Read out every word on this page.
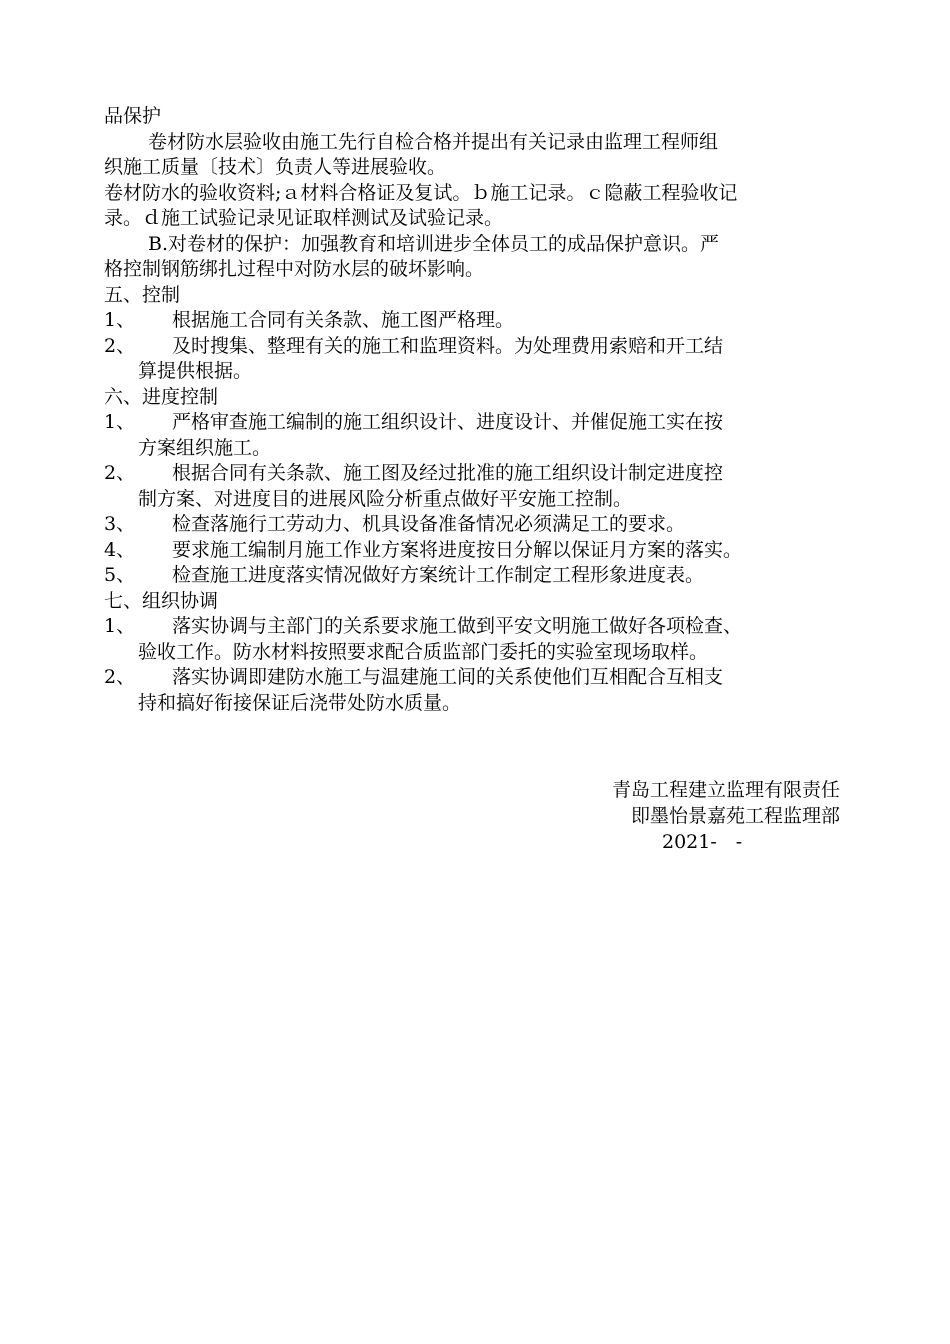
品保护
卷材防水层验收由施工先行自检合格并提出有关记录由监理工程师组
织施工质量〔技术〕负责人等进展验收。
卷材防水的验收资料;ａ材料合格证及复试。ｂ施工记录。ｃ隐蔽工程验收记
录。ｄ施工试验记录见证取样测试及试验记录。
B.对卷材的保护：加强教育和培训进步全体员工的成品保护意识。严
格控制钢筋绑扎过程中对防水层的破坏影响。
五、控制
1、	根据施工合同有关条款、施工图严格理。
2、	及时搜集、整理有关的施工和监理资料。为处理费用索赔和开工结
算提供根据。
六、进度控制
1、	严格审查施工编制的施工组织设计、进度设计、并催促施工实在按
方案组织施工。
2、	根据合同有关条款、施工图及经过批准的施工组织设计制定进度控
制方案、对进度目的进展风险分析重点做好平安施工控制。
3、	检查落施行工劳动力、机具设备准备情况必须满足工的要求。
4、	要求施工编制月施工作业方案将进度按日分解以保证月方案的落实。
5、	检查施工进度落实情况做好方案统计工作制定工程形象进度表。
七、组织协调
1、	落实协调与主部门的关系要求施工做到平安文明施工做好各项检查、
验收工作。防水材料按照要求配合质监部门委托的实验室现场取样。
2、	落实协调即建防水施工与温建施工间的关系使他们互相配合互相支
持和搞好衔接保证后浇带处防水质量。
青岛工程建立监理有限责任
即墨怡景嘉苑工程监理部
2021-　-
